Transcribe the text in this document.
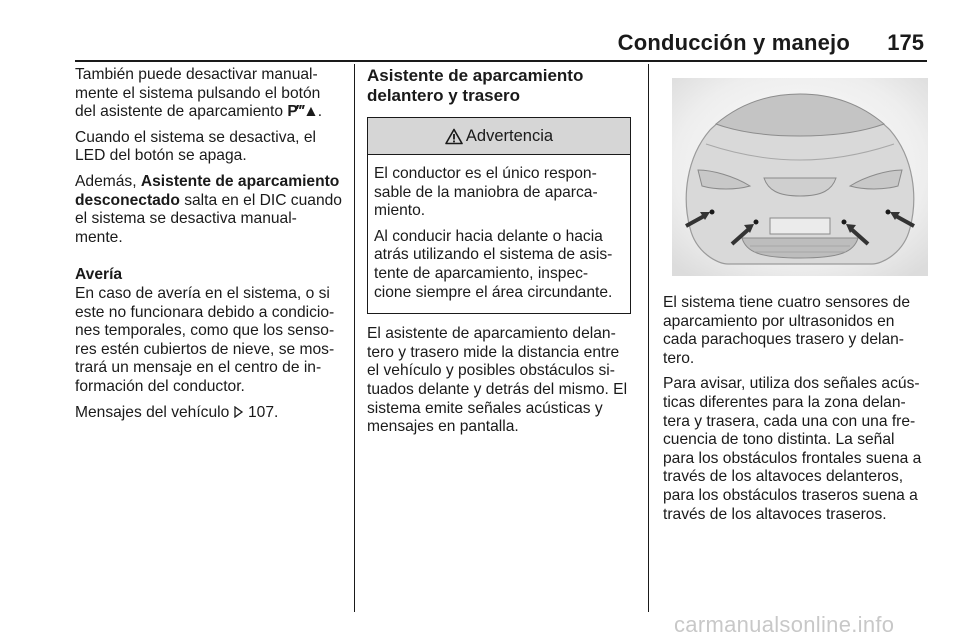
Conducción y manejo 175

También puede desactivar manual-mente el sistema pulsando el botón del asistente de aparcamiento P‴▲.

Cuando el sistema se desactiva, el LED del botón se apaga.

Además, Asistente de aparcamiento desconectado salta en el DIC cuando el sistema se desactiva manual-mente.

Avería

En caso de avería en el sistema, o si este no funcionara debido a condicio-nes temporales, como que los senso-res estén cubiertos de nieve, se mos-trará un mensaje en el centro de in-formación del conductor.

Mensajes del vehículo 107.

Asistente de aparcamiento delantero y trasero
Advertencia

El conductor es el único respon-sable de la maniobra de aparca-miento.

Al conducir hacia delante o hacia atrás utilizando el sistema de asis-tente de aparcamiento, inspec-cione siempre el área circundante.

El asistente de aparcamiento delan-tero y trasero mide la distancia entre el vehículo y posibles obstáculos si-tuados delante y detrás del mismo. El sistema emite señales acústicas y mensajes en pantalla.

El sistema tiene cuatro sensores de aparcamiento por ultrasonidos en cada parachoques trasero y delan-tero.

Para avisar, utiliza dos señales acús-ticas diferentes para la zona delan-tera y trasera, cada una con una fre-cuencia de tono distinta. La señal para los obstáculos frontales suena a través de los altavoces delanteros, para los obstáculos traseros suena a través de los altavoces traseros.

carmanualsonline.info
